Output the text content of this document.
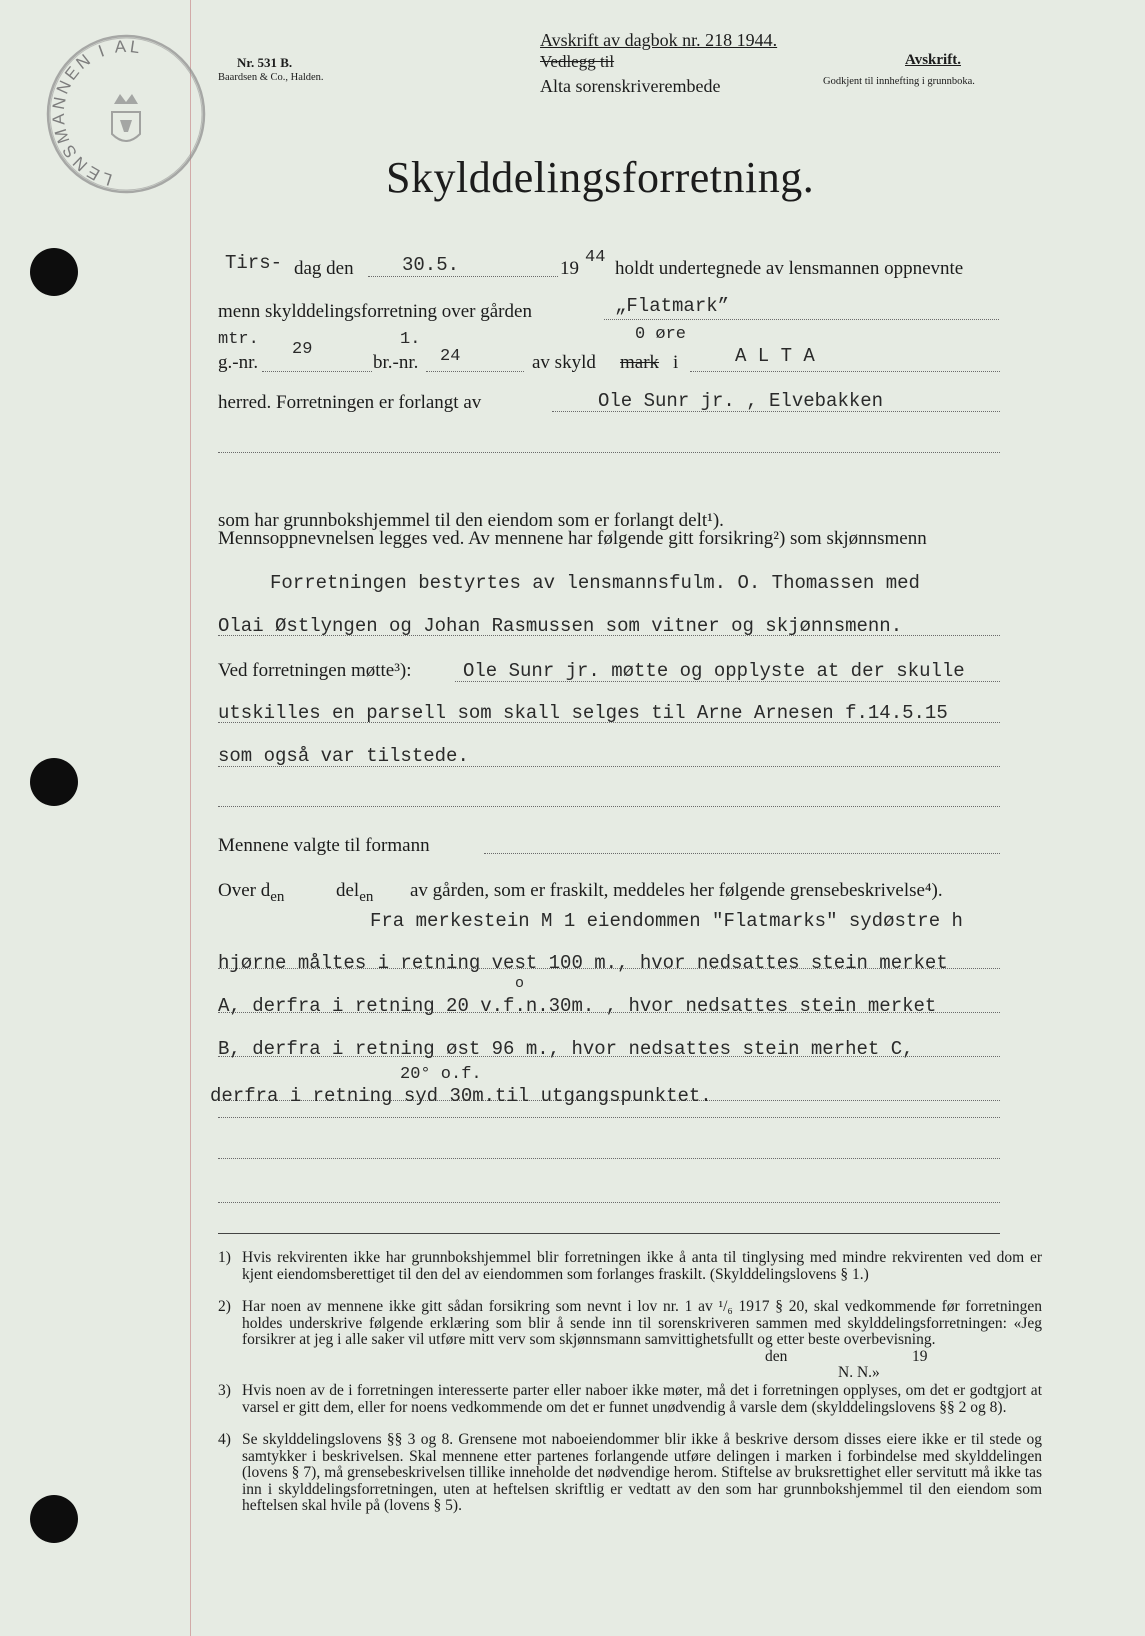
LENSMANNEN I ALTA
Nr. 531 B.
Baardsen & Co., Halden.
Avskrift av dagbok nr. 218 1944.
Vedlegg til
Alta sorenskriverembede
Avskrift.
Godkjent til innhefting i grunnboka.
Skylddelingsforretning.
Tirs- dag den	30.5.	19
44
holdt undertegnede av lensmannen oppnevnte
menn skylddelingsforretning over gården	„Flatmark”
mtr.
g.-nr.
29
br.-nr.
1.
24	av skyld
0 øre
mark i	A L T A
herred. Forretningen er forlangt av	Ole Sunr jr. , Elvebakken
som har grunnbokshjemmel til den eiendom som er forlangt delt¹).
Mennsoppnevnelsen legges ved. Av mennene har følgende gitt forsikring²) som skjønnsmenn
Forretningen bestyrtes av lensmannsfulm. O. Thomassen med
Olai Østlyngen og Johan Rasmussen som vitner og skjønnsmenn.
Ved forretningen møtte³):	Ole Sunr jr. møtte og opplyste at der skulle
utskilles en parsell som skall selges til Arne Arnesen f.14.5.15
som også var tilstede.
Mennene valgte til formann
Over $d_{en}$	del$_{en}$ av gården, som er fraskilt, meddeles her følgende grensebeskrivelse⁴).
Fra merkestein M 1 eiendommen "Flatmarks" sydøstre h
hjørne måltes i retning vest 100 m., hvor nedsattes stein merket
o
A, derfra i retning 20 v.f.n.30m. , hvor nedsattes stein merket
B, derfra i retning øst 96 m., hvor nedsattes stein merhet C,
20° o.f.
derfra i retning syd 30m.til utgangspunktet.
1) Hvis rekvirenten ikke har grunnbokshjemmel blir forretningen ikke å anta til tinglysing med mindre rekvirenten ved dom er kjent eiendomsberettiget til den del av eiendommen som forlanges fraskilt. (Skylddelingslovens § 1.)
2) Har noen av mennene ikke gitt sådan forsikring som nevnt i lov nr. 1 av ¹/₆ 1917 § 20, skal vedkommende før forretningen holdes underskrive følgende erklæring som blir å sende inn til sorenskriveren sammen med skylddelingsforretningen: «Jeg forsikrer at jeg i alle saker vil utføre mitt verv som skjønnsmann samvittighetsfullt og etter beste overbevisning.
den	19
N. N.»
3) Hvis noen av de i forretningen interesserte parter eller naboer ikke møter, må det i forretningen opplyses, om det er godtgjort at varsel er gitt dem, eller for noens vedkommende om det er funnet unødvendig å varsle dem (skylddelingslovens §§ 2 og 8).
4) Se skylddelingslovens §§ 3 og 8. Grensene mot naboeiendommer blir ikke å beskrive dersom disses eiere ikke er til stede og samtykker i beskrivelsen. Skal mennene etter partenes forlangende utføre delingen i marken i forbindelse med skylddelingen (lovens § 7), må grensebeskrivelsen tillike inneholde det nødvendige herom. Stiftelse av bruksrettighet eller servitutt må ikke tas inn i skylddelingsforretningen, uten at heftelsen skriftlig er vedtatt av den som har grunnbokshjemmel til den eiendom som heftelsen skal hvile på (lovens § 5).
